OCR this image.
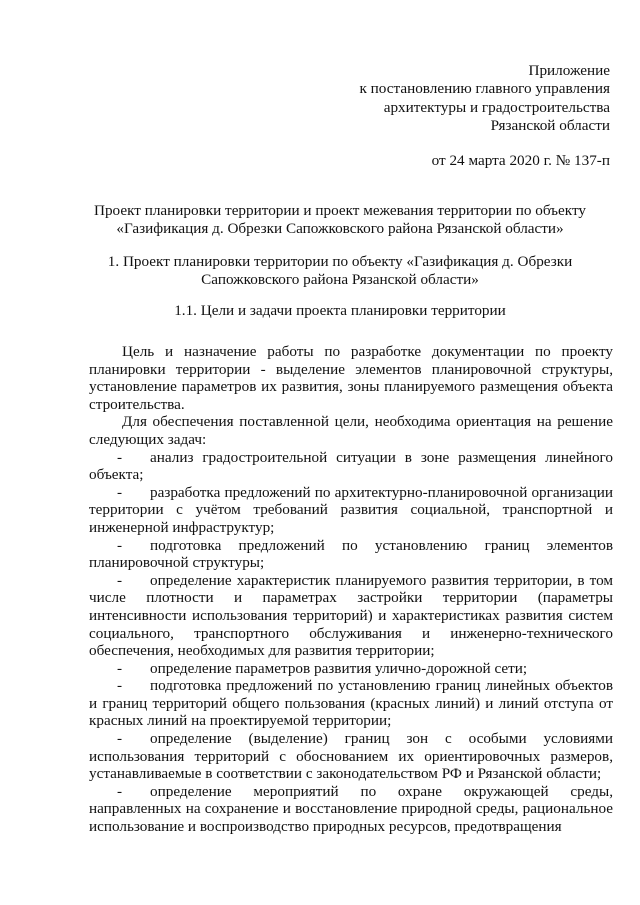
Приложение
к постановлению главного управления
архитектуры и градостроительства
Рязанской области
от 24 марта 2020 г. № 137-п
Проект планировки территории и проект межевания территории по объекту
«Газификация д. Обрезки Сапожковского района Рязанской области»
1. Проект планировки территории по объекту «Газификация д. Обрезки
Сапожковского района Рязанской области»
1.1. Цели и задачи проекта планировки территории

Цель и назначение работы по разработке документации по проекту планировки территории - выделение элементов планировочной структуры, установление параметров их развития, зоны планируемого размещения объекта строительства.

Для обеспечения поставленной цели, необходима ориентация на решение следующих задач:

-	анализ градостроительной ситуации в зоне размещения линейного объекта;

-	разработка предложений по архитектурно-планировочной организации территории с учётом требований развития социальной, транспортной и инженерной инфраструктур;

-	подготовка предложений по установлению границ элементов планировочной структуры;

-	определение характеристик планируемого развития территории, в том числе плотности и параметрах застройки территории (параметры интенсивности использования территорий) и характеристиках развития систем социального, транспортного обслуживания и инженерно-технического обеспечения, необходимых для развития территории;

-	определение параметров развития улично-дорожной сети;

-	подготовка предложений по установлению границ линейных объектов и границ территорий общего пользования (красных линий) и линий отступа от красных линий на проектируемой территории;

-	определение (выделение) границ зон с особыми условиями использования территорий с обоснованием их ориентировочных размеров, устанавливаемые в соответствии с законодательством РФ и Рязанской области;

-	определение мероприятий по охране окружающей среды, направленных на сохранение и восстановление природной среды, рациональное использование и воспроизводство природных ресурсов, предотвращения
